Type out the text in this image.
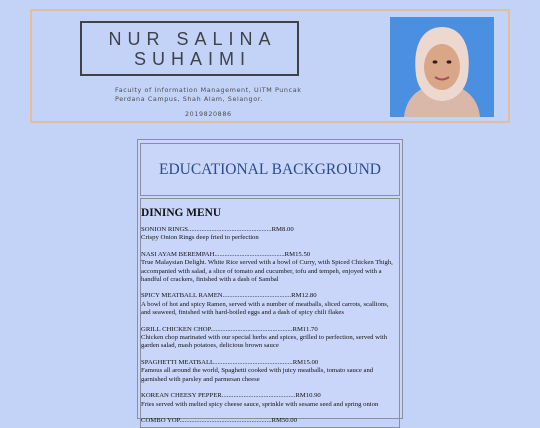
NUR SALINA
SUHAIMI
Faculty of Information Management, UiTM Puncak Perdana Campus, Shah Alam, Selangor.
2019820886
EDUCATIONAL BACKGROUND
DINING MENU
SONION RINGS..................................................RM8.00
Crispy Onion Rings deep fried to perfection
NASI AYAM BEREMPAH..........................................RM15.50
True Malaysian Delight. White Rice served with a bowl of Curry, with Spiced Chicken Thigh, accompanied with salad, a slice of tomato and cucumber, tofu and tempeh, enjoyed with a handful of crackers, finished with a dash of Sambal
SPICY MEATBALL RAMEN.........................................RM12.80
A bowl of hot and spicy Ramen, served with a number of meatballs, sliced carrots, scallions, and seaweed, finished with hard-boiled eggs and a dash of spicy chili flakes
GRILL CHICKEN CHOP.................................................RM11.70
Chicken chop marinated with our special herbs and spices, grilled to perfection, served with garden salad, mash potatoes, delicious brown sauce
SPAGHETTI MEATBALL...............................................RM15.00
Famous all around the world, Spaghetti cooked with juicy meatballs, tomato sauce and garnished with parsley and parmesan cheese
KOREAN CHEESY PEPPER............................................RM10.90
Fries served with melted spicy cheese sauce, sprinkle with sesame seed and spring onion
COMBO YOP.......................................................RM50.00
